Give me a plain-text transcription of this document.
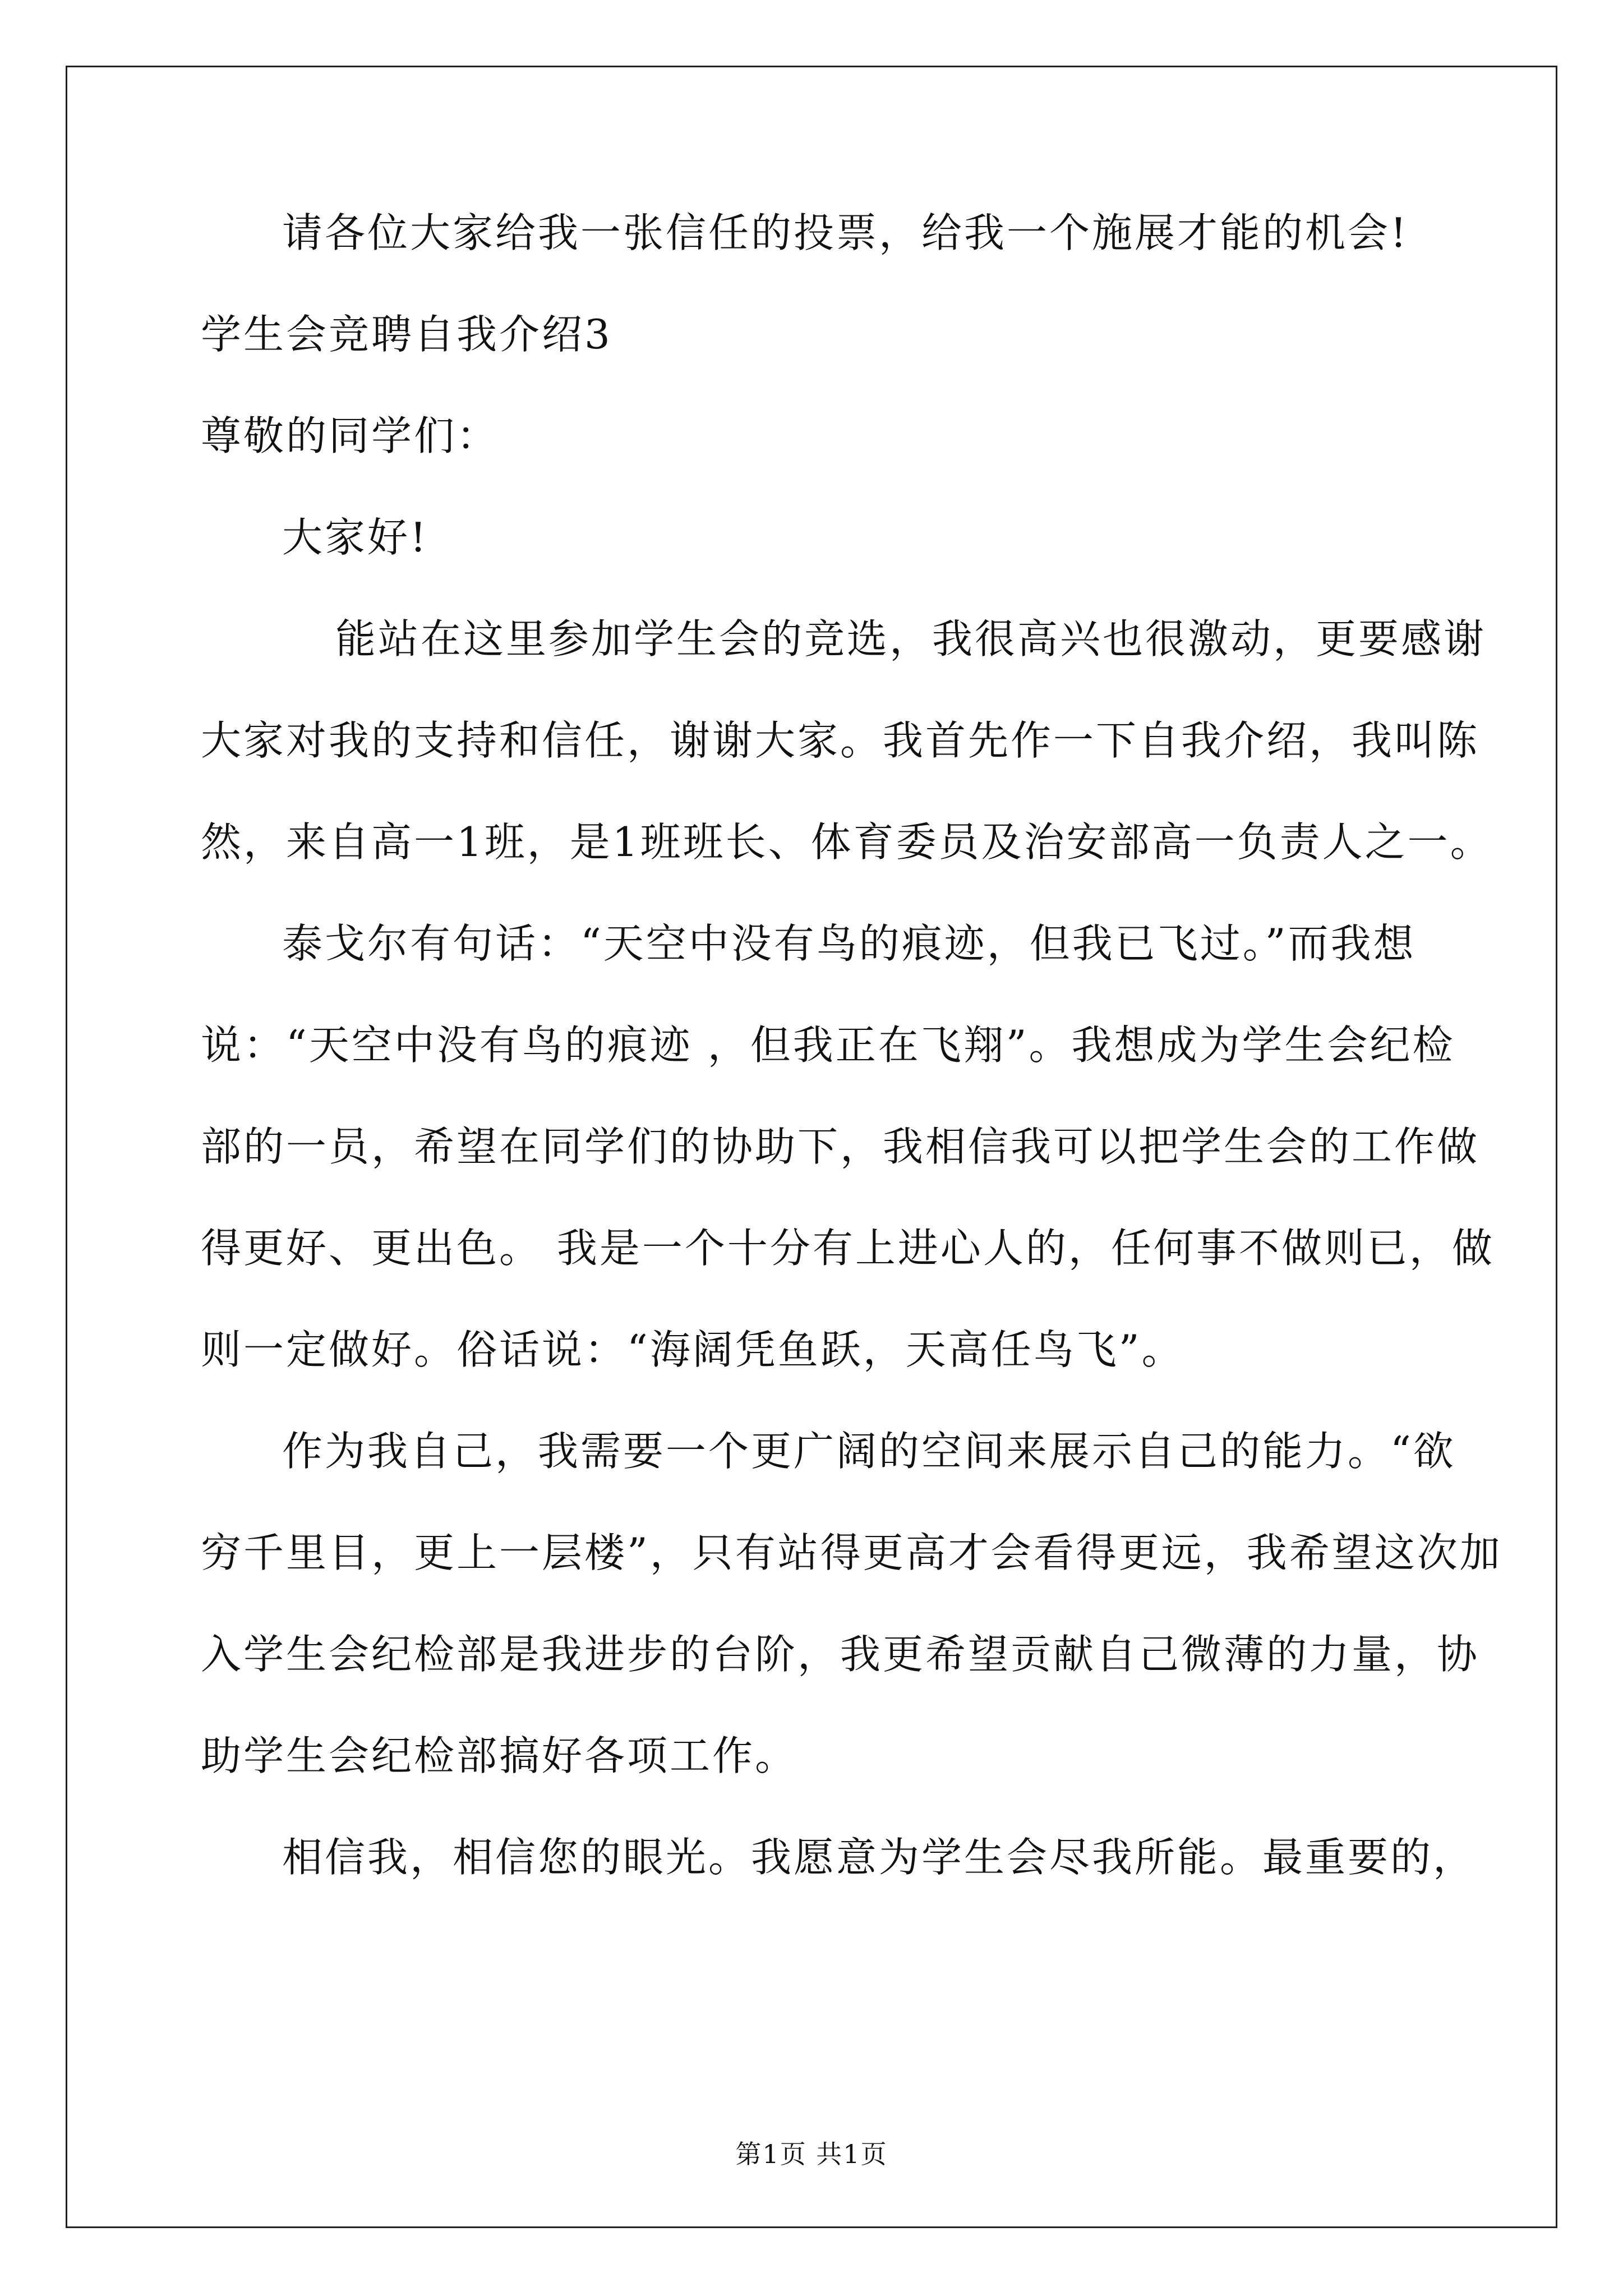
请各位大家给我一张信任的投票，给我一个施展才能的机会!

学生会竞聘自我介绍3

尊敬的同学们：

大家好!

能站在这里参加学生会的竞选，我很高兴也很激动，更要感谢

大家对我的支持和信任，谢谢大家。我首先作一下自我介绍，我叫陈

然，来自高一1班，是1班班长、体育委员及治安部高一负责人之一。

泰戈尔有句话：“天空中没有鸟的痕迹，但我已飞过。”而我想

说：“天空中没有鸟的痕迹 ，但我正在飞翔”。我想成为学生会纪检

部的一员，希望在同学们的协助下，我相信我可以把学生会的工作做

得更好、更出色。 我是一个十分有上进心人的，任何事不做则已，做

则一定做好。俗话说：“海阔凭鱼跃，天高任鸟飞”。

作为我自己，我需要一个更广阔的空间来展示自己的能力。“欲

穷千里目，更上一层楼”，只有站得更高才会看得更远，我希望这次加

入学生会纪检部是我进步的台阶，我更希望贡献自己微薄的力量，协

助学生会纪检部搞好各项工作。

相信我，相信您的眼光。我愿意为学生会尽我所能。最重要的，

第1页 共1页
